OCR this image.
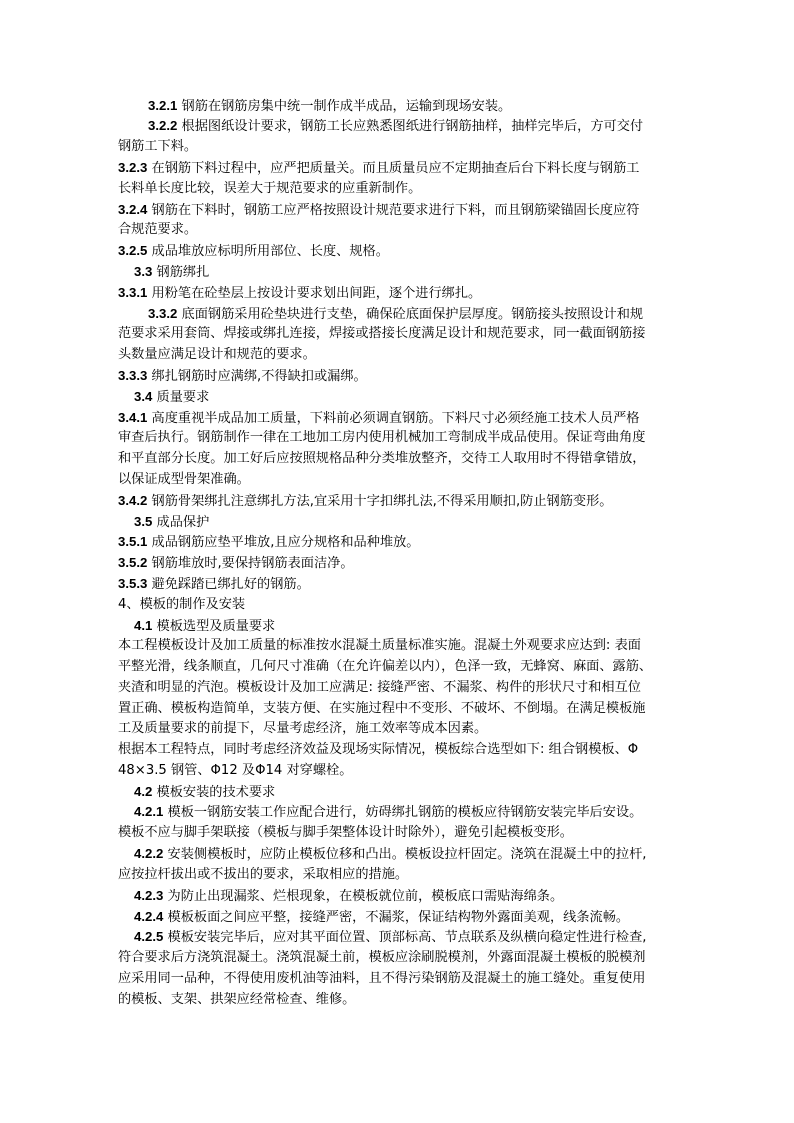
3.2.1 钢筋在钢筋房集中统一制作成半成品，运输到现场安装。
3.2.2 根据图纸设计要求，钢筋工长应熟悉图纸进行钢筋抽样，抽样完毕后，方可交付
钢筋工下料。
3.2.3 在钢筋下料过程中，应严把质量关。而且质量员应不定期抽查后台下料长度与钢筋工
长料单长度比较，误差大于规范要求的应重新制作。
3.2.4 钢筋在下料时，钢筋工应严格按照设计规范要求进行下料，而且钢筋梁锚固长度应符
合规范要求。
3.2.5 成品堆放应标明所用部位、长度、规格。
3.3 钢筋绑扎
3.3.1 用粉笔在砼垫层上按设计要求划出间距，逐个进行绑扎。
3.3.2 底面钢筋采用砼垫块进行支垫，确保砼底面保护层厚度。钢筋接头按照设计和规
范要求采用套筒、焊接或绑扎连接，焊接或搭接长度满足设计和规范要求，同一截面钢筋接
头数量应满足设计和规范的要求。
3.3.3 绑扎钢筋时应满绑,不得缺扣或漏绑。
3.4 质量要求
3.4.1 高度重视半成品加工质量，下料前必须调直钢筋。下料尺寸必须经施工技术人员严格
审查后执行。钢筋制作一律在工地加工房内使用机械加工弯制成半成品使用。保证弯曲角度
和平直部分长度。加工好后应按照规格品种分类堆放整齐，交待工人取用时不得错拿错放，
以保证成型骨架准确。
3.4.2 钢筋骨架绑扎注意绑扎方法,宜采用十字扣绑扎法,不得采用顺扣,防止钢筋变形。
3.5 成品保护
3.5.1 成品钢筋应垫平堆放,且应分规格和品种堆放。
3.5.2 钢筋堆放时,要保持钢筋表面洁净。
3.5.3 避免踩踏已绑扎好的钢筋。
4、模板的制作及安装
4.1 模板选型及质量要求
本工程模板设计及加工质量的标准按水混凝土质量标准实施。混凝土外观要求应达到: 表面
平整光滑，线条顺直，几何尺寸准确（在允许偏差以内），色泽一致，无蜂窝、麻面、露筋、
夹渣和明显的汽泡。模板设计及加工应满足: 接缝严密、不漏浆、构件的形状尺寸和相互位
置正确、模板构造简单，支装方便、在实施过程中不变形、不破坏、不倒塌。在满足模板施
工及质量要求的前提下，尽量考虑经济，施工效率等成本因素。
根据本工程特点，同时考虑经济效益及现场实际情况，模板综合选型如下: 组合钢模板、Φ
48×3.5 钢管、Φ12 及Φ14 对穿螺栓。
4.2 模板安装的技术要求
4.2.1 模板一钢筋安装工作应配合进行，妨碍绑扎钢筋的模板应待钢筋安装完毕后安设。
模板不应与脚手架联接（模板与脚手架整体设计时除外），避免引起模板变形。
4.2.2 安装侧模板时，应防止模板位移和凸出。模板设拉杆固定。浇筑在混凝土中的拉杆,
应按拉杆拔出或不拔出的要求，采取相应的措施。
4.2.3 为防止出现漏浆、烂根现象，在模板就位前，模板底口需贴海绵条。
4.2.4 模板板面之间应平整，接缝严密，不漏浆，保证结构物外露面美观，线条流畅。
4.2.5 模板安装完毕后，应对其平面位置、顶部标高、节点联系及纵横向稳定性进行检查,
符合要求后方浇筑混凝土。浇筑混凝土前，模板应涂刷脱模剂，外露面混凝土模板的脱模剂
应采用同一品种，不得使用废机油等油料，且不得污染钢筋及混凝土的施工缝处。重复使用
的模板、支架、拱架应经常检查、维修。
